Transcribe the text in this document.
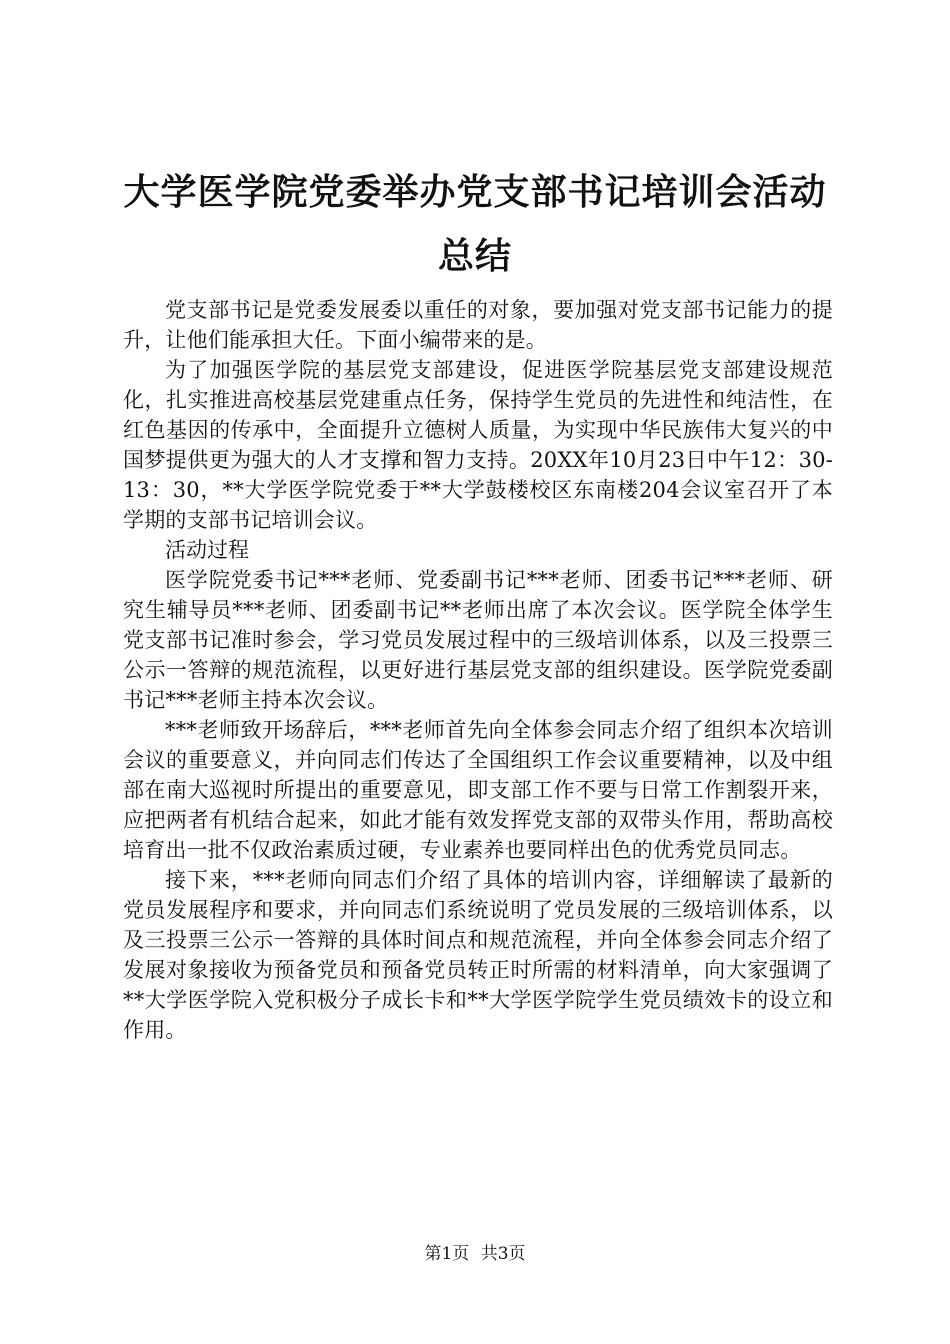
大学医学院党委举办党支部书记培训会活动总结

党支部书记是党委发展委以重任的对象，要加强对党支部书记能力的提升，让他们能承担大任。下面小编带来的是。

为了加强医学院的基层党支部建设，促进医学院基层党支部建设规范化，扎实推进高校基层党建重点任务，保持学生党员的先进性和纯洁性，在红色基因的传承中，全面提升立德树人质量，为实现中华民族伟大复兴的中国梦提供更为强大的人才支撑和智力支持。20XX年10月23日中午12：30-13：30，**大学医学院党委于**大学鼓楼校区东南楼204会议室召开了本学期的支部书记培训会议。

活动过程

医学院党委书记***老师、党委副书记***老师、团委书记***老师、研究生辅导员***老师、团委副书记**老师出席了本次会议。医学院全体学生党支部书记准时参会，学习党员发展过程中的三级培训体系，以及三投票三公示一答辩的规范流程，以更好进行基层党支部的组织建设。医学院党委副书记***老师主持本次会议。

***老师致开场辞后，***老师首先向全体参会同志介绍了组织本次培训会议的重要意义，并向同志们传达了全国组织工作会议重要精神，以及中组部在南大巡视时所提出的重要意见，即支部工作不要与日常工作割裂开来，应把两者有机结合起来，如此才能有效发挥党支部的双带头作用，帮助高校培育出一批不仅政治素质过硬，专业素养也要同样出色的优秀党员同志。

接下来，***老师向同志们介绍了具体的培训内容，详细解读了最新的党员发展程序和要求，并向同志们系统说明了党员发展的三级培训体系，以及三投票三公示一答辩的具体时间点和规范流程，并向全体参会同志介绍了发展对象接收为预备党员和预备党员转正时所需的材料清单，向大家强调了**大学医学院入党积极分子成长卡和**大学医学院学生党员绩效卡的设立和作用。

第1页 共3页
